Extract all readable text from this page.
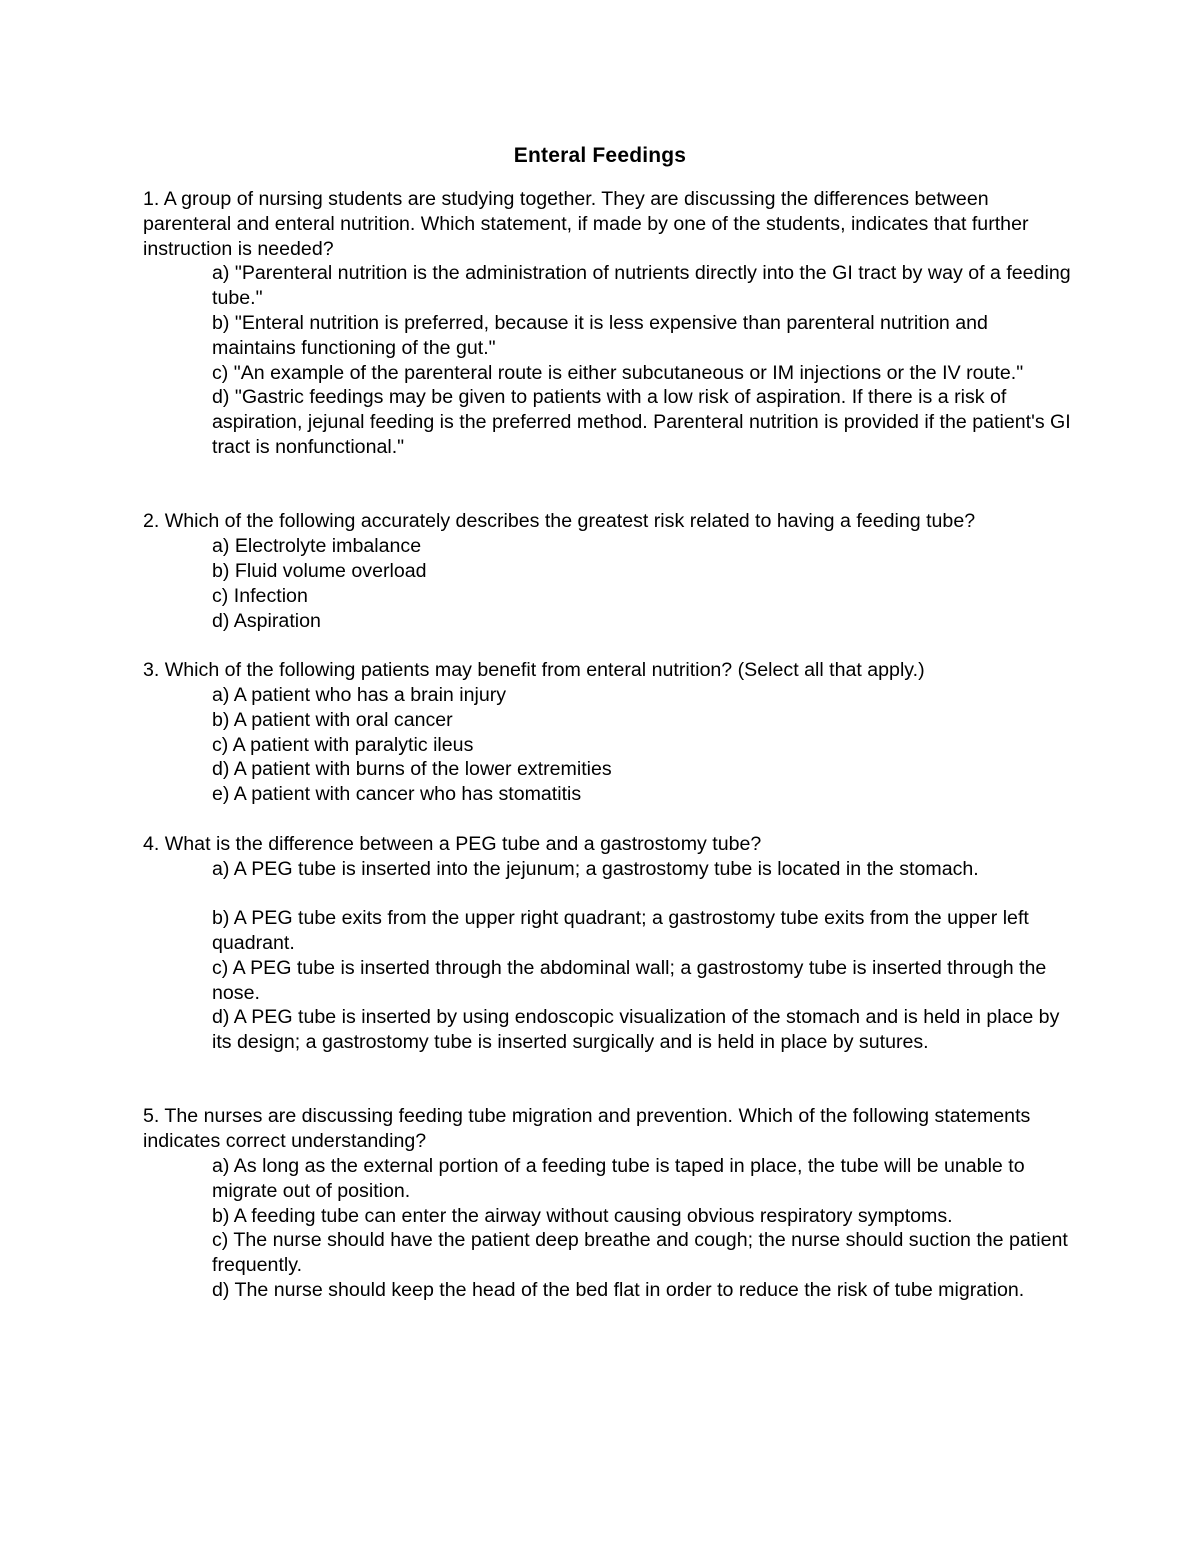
Enteral Feedings
1. A group of nursing students are studying together. They are discussing the differences between parenteral and enteral nutrition. Which statement, if made by one of the students, indicates that further instruction is needed?
a) "Parenteral nutrition is the administration of nutrients directly into the GI tract by way of a feeding tube."
b) "Enteral nutrition is preferred, because it is less expensive than parenteral nutrition and maintains functioning of the gut."
c) "An example of the parenteral route is either subcutaneous or IM injections or the IV route."
d) "Gastric feedings may be given to patients with a low risk of aspiration. If there is a risk of aspiration, jejunal feeding is the preferred method. Parenteral nutrition is provided if the patient's GI tract is nonfunctional."
2. Which of the following accurately describes the greatest risk related to having a feeding tube?
a) Electrolyte imbalance
b) Fluid volume overload
c) Infection
d) Aspiration
3. Which of the following patients may benefit from enteral nutrition? (Select all that apply.)
a) A patient who has a brain injury
b) A patient with oral cancer
c) A patient with paralytic ileus
d) A patient with burns of the lower extremities
e) A patient with cancer who has stomatitis
4. What is the difference between a PEG tube and a gastrostomy tube?
a) A PEG tube is inserted into the jejunum; a gastrostomy tube is located in the stomach.
b) A PEG tube exits from the upper right quadrant; a gastrostomy tube exits from the upper left quadrant.
c) A PEG tube is inserted through the abdominal wall; a gastrostomy tube is inserted through the nose.
d) A PEG tube is inserted by using endoscopic visualization of the stomach and is held in place by its design; a gastrostomy tube is inserted surgically and is held in place by sutures.
5. The nurses are discussing feeding tube migration and prevention. Which of the following statements indicates correct understanding?
a) As long as the external portion of a feeding tube is taped in place, the tube will be unable to migrate out of position.
b) A feeding tube can enter the airway without causing obvious respiratory symptoms.
c) The nurse should have the patient deep breathe and cough; the nurse should suction the patient frequently.
d) The nurse should keep the head of the bed flat in order to reduce the risk of tube migration.
